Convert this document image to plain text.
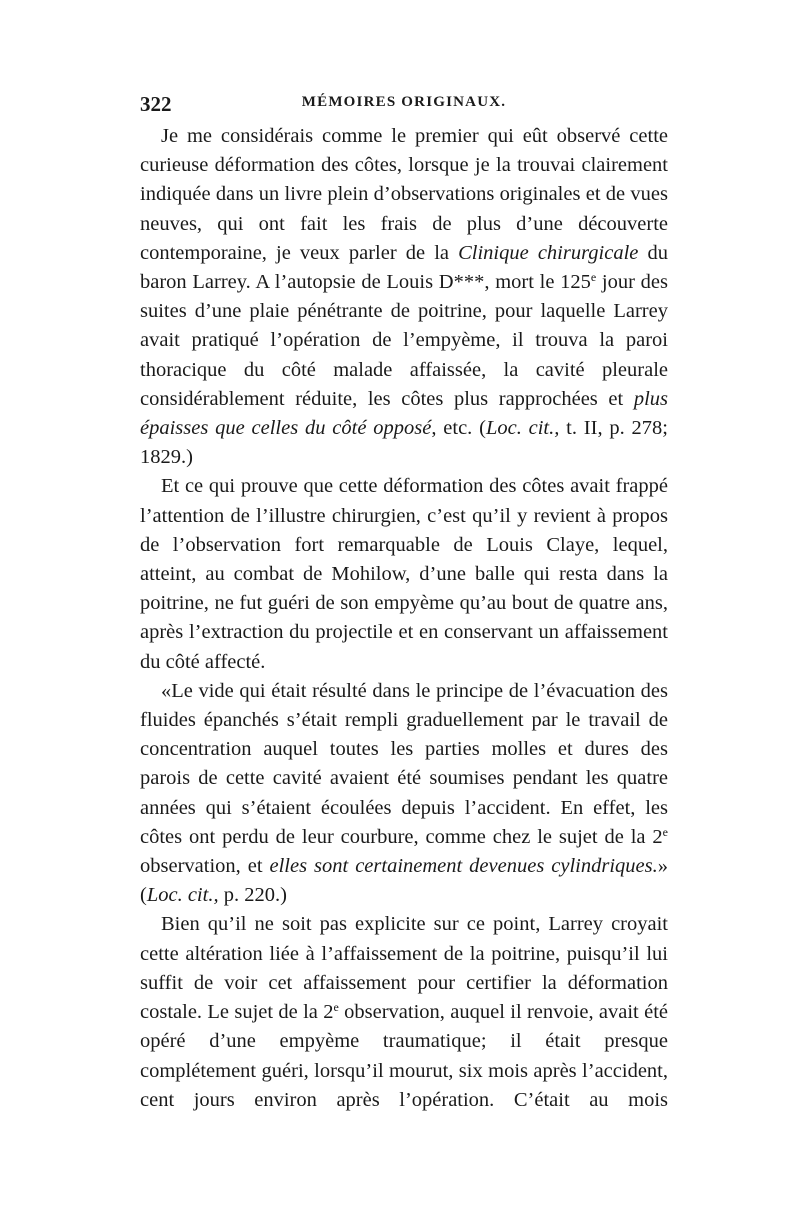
322	MÉMOIRES ORIGINAUX.

Je me considérais comme le premier qui eût observé cette curieuse déformation des côtes, lorsque je la trouvai clairement indiquée dans un livre plein d’observations originales et de vues neuves, qui ont fait les frais de plus d’une découverte contemporaine, je veux parler de la Clinique chirurgicale du baron Larrey. A l’autopsie de Louis D***, mort le 125e jour des suites d’une plaie pénétrante de poitrine, pour laquelle Larrey avait pratiqué l’opération de l’empyème, il trouva la paroi thoracique du côté malade affaissée, la cavité pleurale considérablement réduite, les côtes plus rapprochées et plus épaisses que celles du côté opposé, etc. (Loc. cit., t. II, p. 278; 1829.)

Et ce qui prouve que cette déformation des côtes avait frappé l’attention de l’illustre chirurgien, c’est qu’il y revient à propos de l’observation fort remarquable de Louis Claye, lequel, atteint, au combat de Mohilow, d’une balle qui resta dans la poitrine, ne fut guéri de son empyème qu’au bout de quatre ans, après l’extraction du projectile et en conservant un affaissement du côté affecté.

«Le vide qui était résulté dans le principe de l’évacuation des fluides épanchés s’était rempli graduellement par le travail de concentration auquel toutes les parties molles et dures des parois de cette cavité avaient été soumises pendant les quatre années qui s’étaient écoulées depuis l’accident. En effet, les côtes ont perdu de leur courbure, comme chez le sujet de la 2e observation, et elles sont certainement devenues cylindriques.» (Loc. cit., p. 220.)

Bien qu’il ne soit pas explicite sur ce point, Larrey croyait cette altération liée à l’affaissement de la poitrine, puisqu’il lui suffit de voir cet affaissement pour certifier la déformation costale. Le sujet de la 2e observation, auquel il renvoie, avait été opéré d’une empyème traumatique; il était presque complétement guéri, lorsqu’il mourut, six mois après l’accident, cent jours environ après l’opération. C’était au mois
